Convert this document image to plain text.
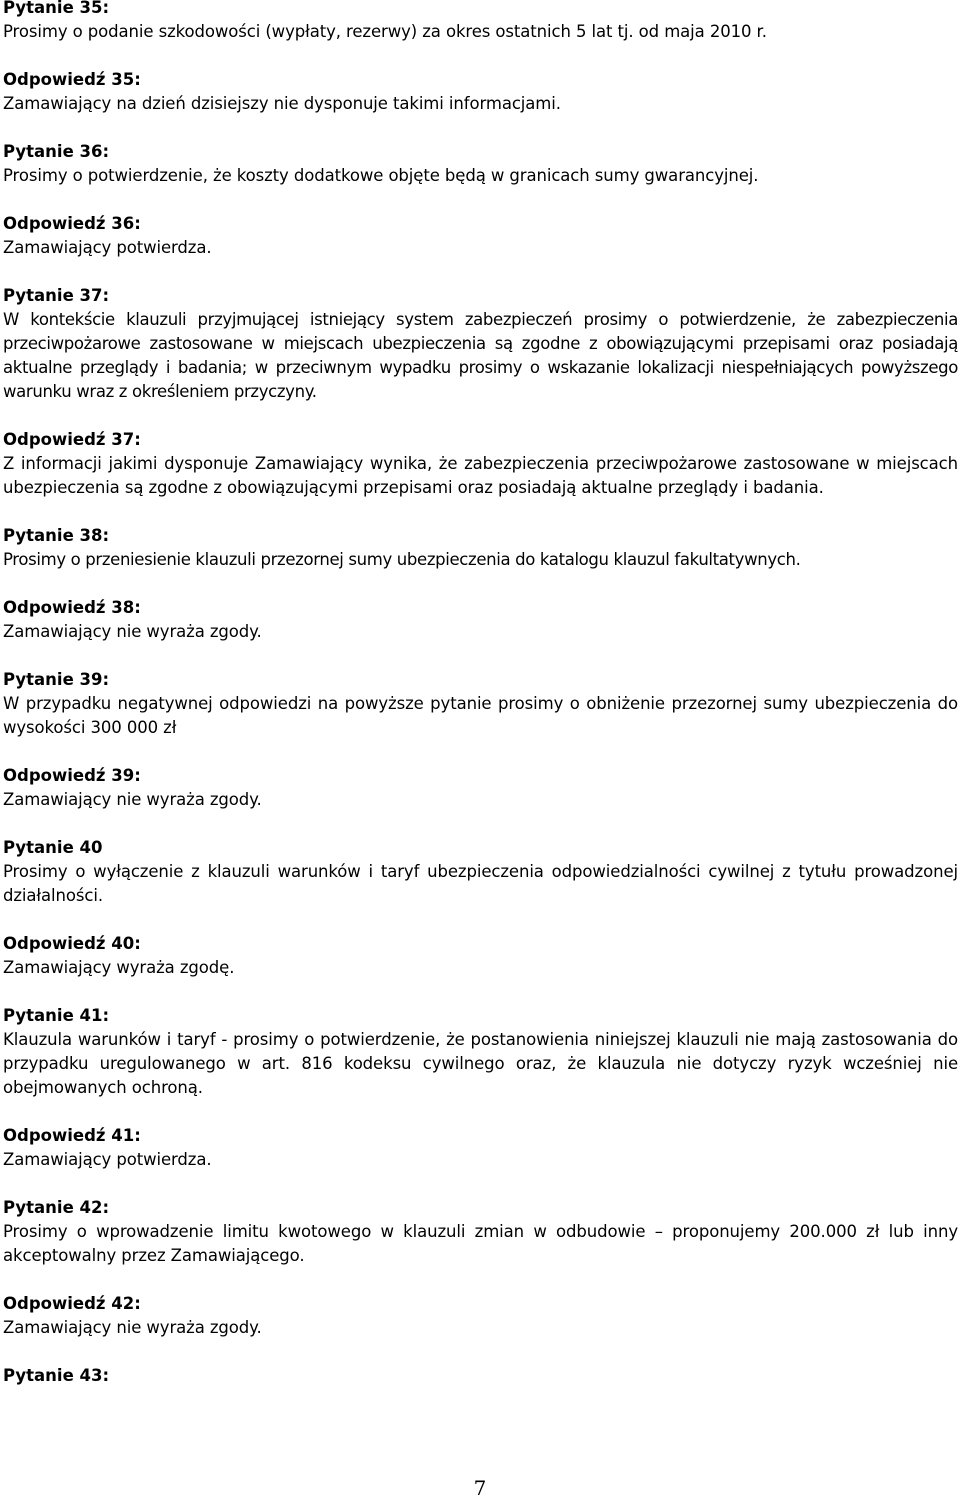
Pytanie 35:

Prosimy o podanie szkodowości (wypłaty, rezerwy) za okres ostatnich 5 lat tj. od maja 2010 r.

Odpowiedź 35:

Zamawiający na dzień dzisiejszy nie dysponuje takimi informacjami.

Pytanie 36:

Prosimy o potwierdzenie, że koszty dodatkowe objęte będą w granicach sumy gwarancyjnej.

Odpowiedź 36:

Zamawiający potwierdza.

Pytanie 37:

W kontekście klauzuli przyjmującej istniejący system zabezpieczeń prosimy o potwierdzenie, że zabezpieczenia przeciwpożarowe zastosowane w miejscach ubezpieczenia są zgodne z obowiązującymi przepisami oraz posiadają aktualne przeglądy i badania; w przeciwnym wypadku prosimy o wskazanie lokalizacji niespełniających powyższego warunku wraz z określeniem przyczyny.

Odpowiedź 37:

Z informacji jakimi dysponuje Zamawiający wynika, że zabezpieczenia przeciwpożarowe zastosowane w miejscach ubezpieczenia są zgodne z obowiązującymi przepisami oraz posiadają aktualne przeglądy i badania.

Pytanie 38:

Prosimy o przeniesienie klauzuli przezornej sumy ubezpieczenia do katalogu klauzul fakultatywnych.

Odpowiedź 38:

Zamawiający nie wyraża zgody.

Pytanie 39:

W przypadku negatywnej odpowiedzi na powyższe pytanie prosimy o obniżenie przezornej sumy ubezpieczenia do wysokości 300 000 zł

Odpowiedź 39:

Zamawiający nie wyraża zgody.

Pytanie 40

Prosimy o wyłączenie z klauzuli warunków i taryf ubezpieczenia odpowiedzialności cywilnej z tytułu prowadzonej działalności.

Odpowiedź 40:

Zamawiający wyraża zgodę.

Pytanie 41:

Klauzula warunków i taryf - prosimy o potwierdzenie, że postanowienia niniejszej klauzuli nie mają zastosowania do przypadku uregulowanego w art. 816 kodeksu cywilnego oraz, że klauzula nie dotyczy ryzyk wcześniej nie obejmowanych ochroną.

Odpowiedź 41:

Zamawiający potwierdza.

Pytanie 42:

Prosimy o wprowadzenie limitu kwotowego w klauzuli zmian w odbudowie – proponujemy 200.000 zł lub inny akceptowalny przez Zamawiającego.

Odpowiedź 42:

Zamawiający nie wyraża zgody.

Pytanie 43:

7
